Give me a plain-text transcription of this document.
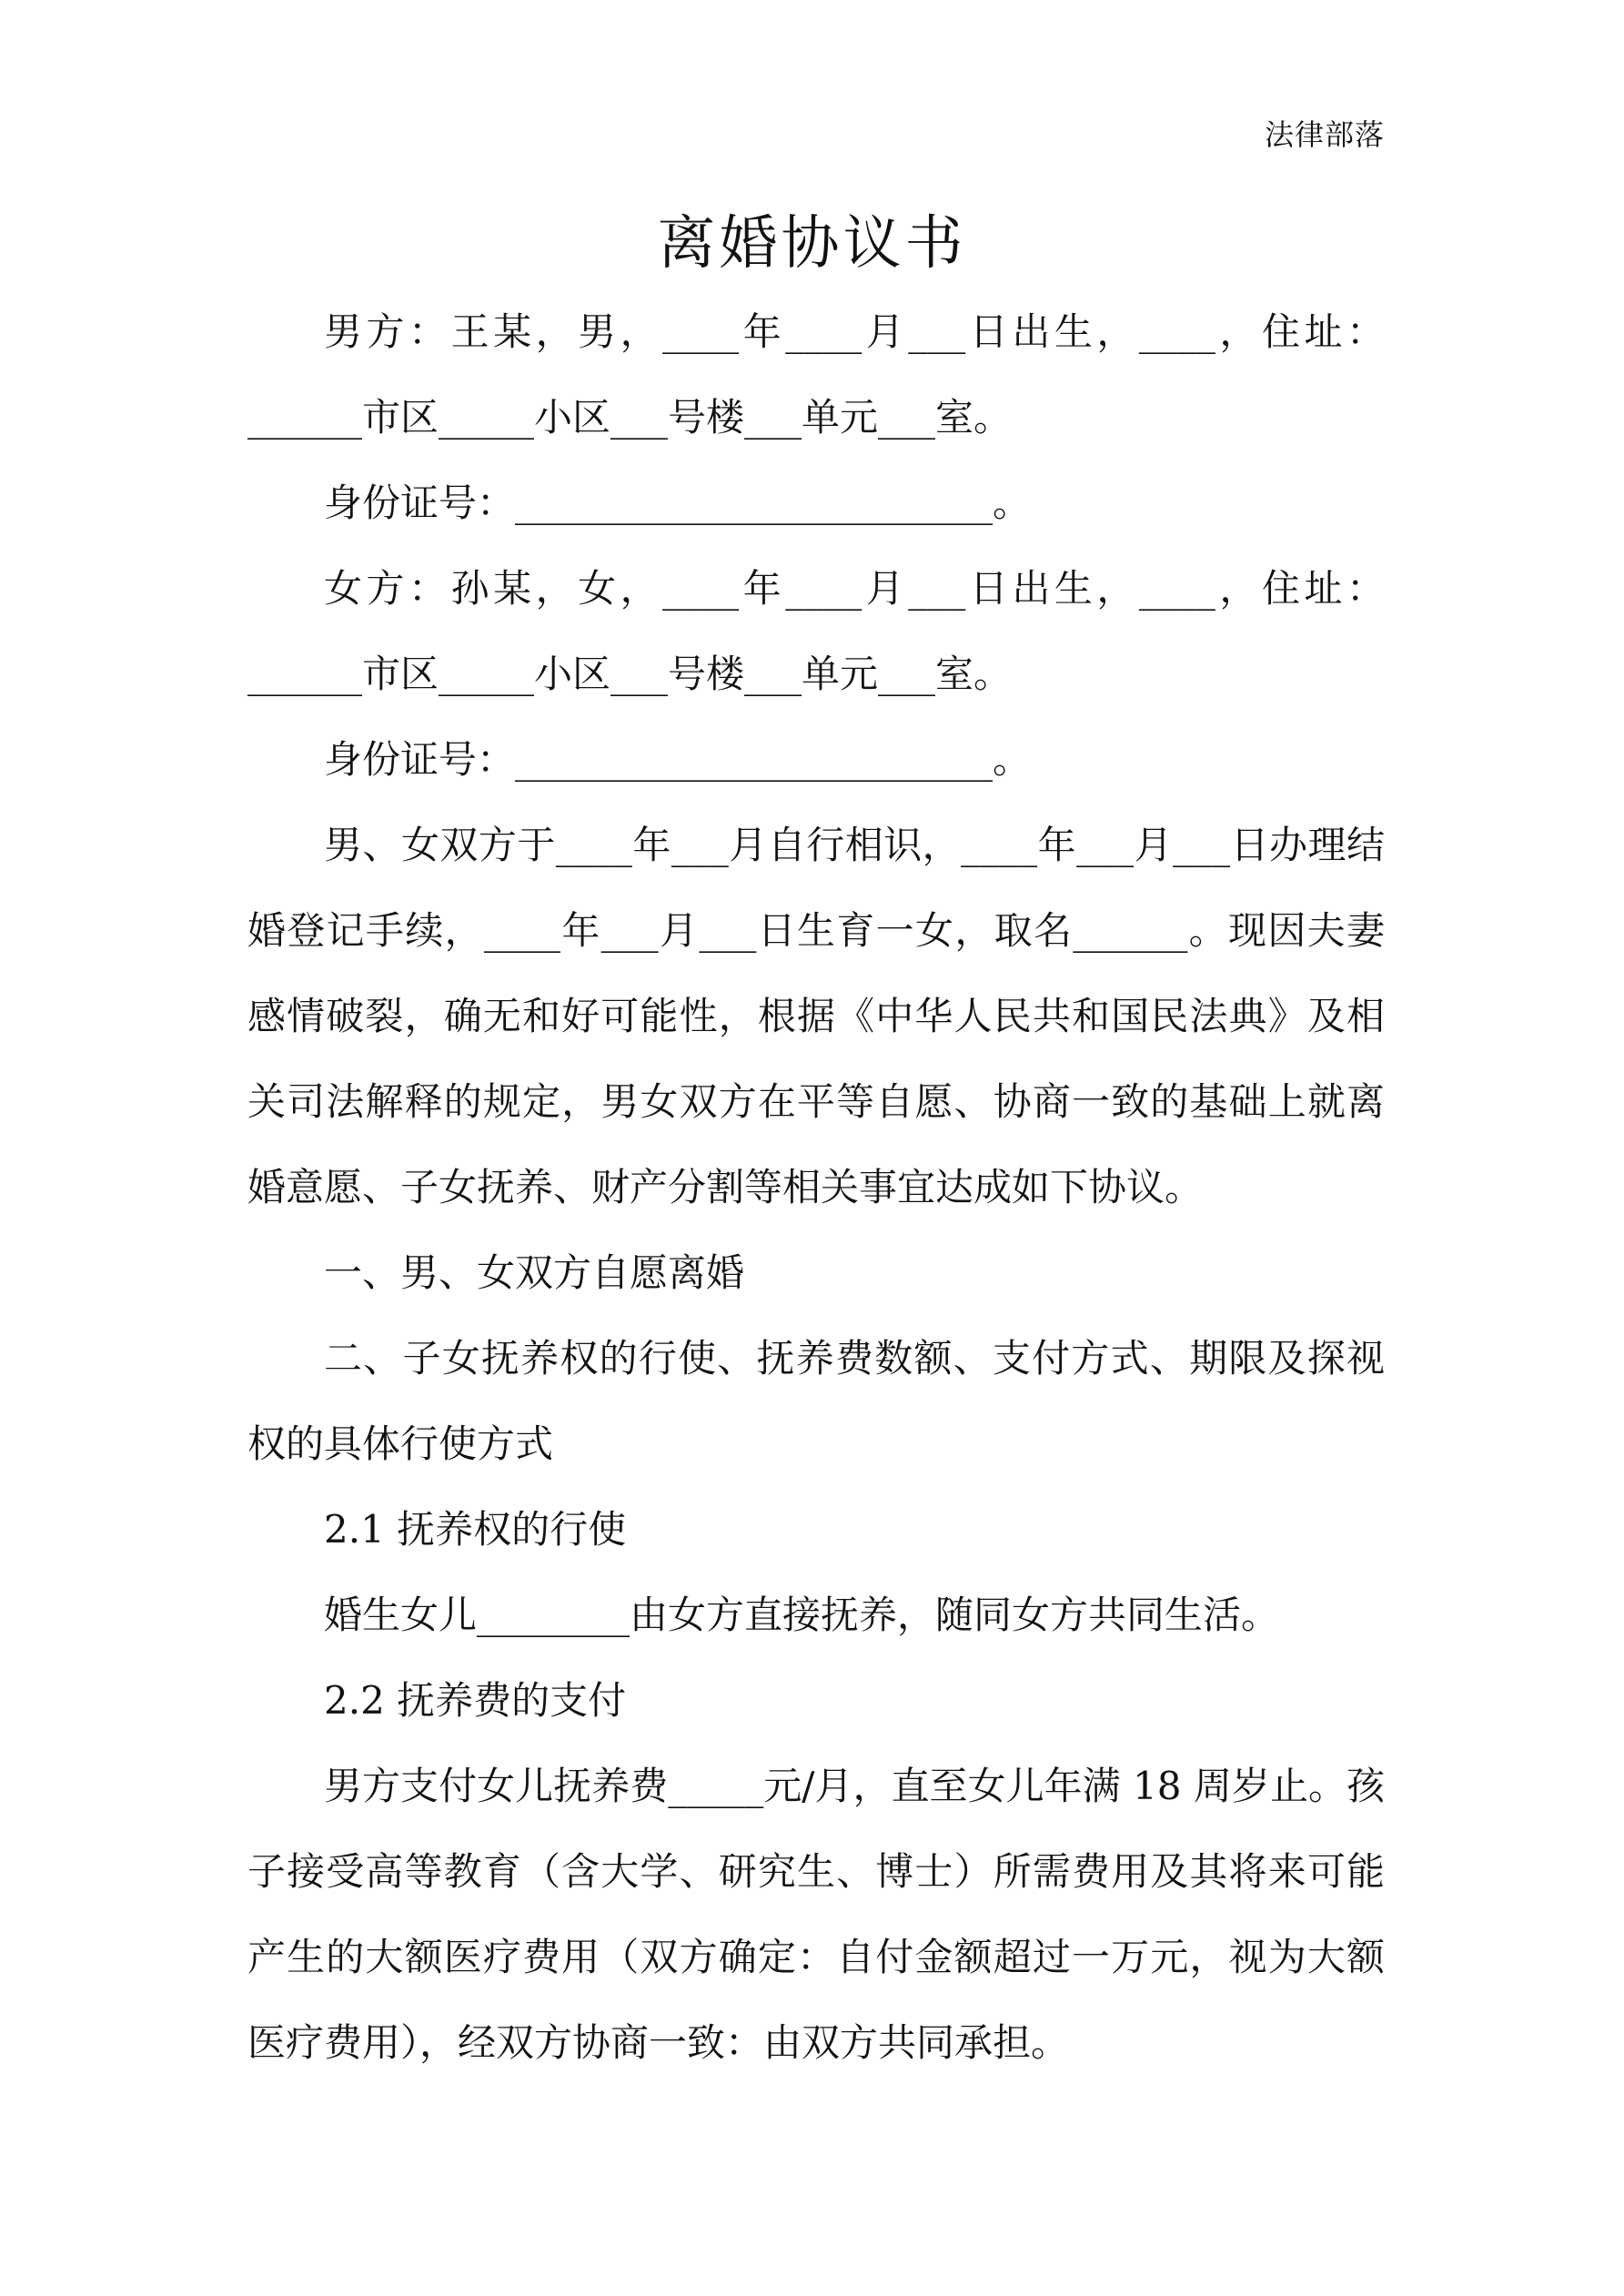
法律部落
离婚协议书

男方：王某，男，____年____月___日出生，____，住址：______市区_____小区___号楼___单元___室。

身份证号：_________________________。

女方：孙某，女，____年____月___日出生，____，住址：______市区_____小区___号楼___单元___室。

身份证号：_________________________。

男、女双方于____年___月自行相识，____年___月___日办理结婚登记手续，____年___月___日生育一女，取名______。现因夫妻感情破裂，确无和好可能性，根据《中华人民共和国民法典》及相关司法解释的规定，男女双方在平等自愿、协商一致的基础上就离婚意愿、子女抚养、财产分割等相关事宜达成如下协议。

一、男、女双方自愿离婚

二、子女抚养权的行使、抚养费数额、支付方式、期限及探视权的具体行使方式

2.1 抚养权的行使

婚生女儿________由女方直接抚养，随同女方共同生活。

2.2 抚养费的支付

男方支付女儿抚养费_____元/月，直至女儿年满 18 周岁止。孩子接受高等教育（含大学、研究生、博士）所需费用及其将来可能产生的大额医疗费用（双方确定：自付金额超过一万元，视为大额医疗费用），经双方协商一致：由双方共同承担。
